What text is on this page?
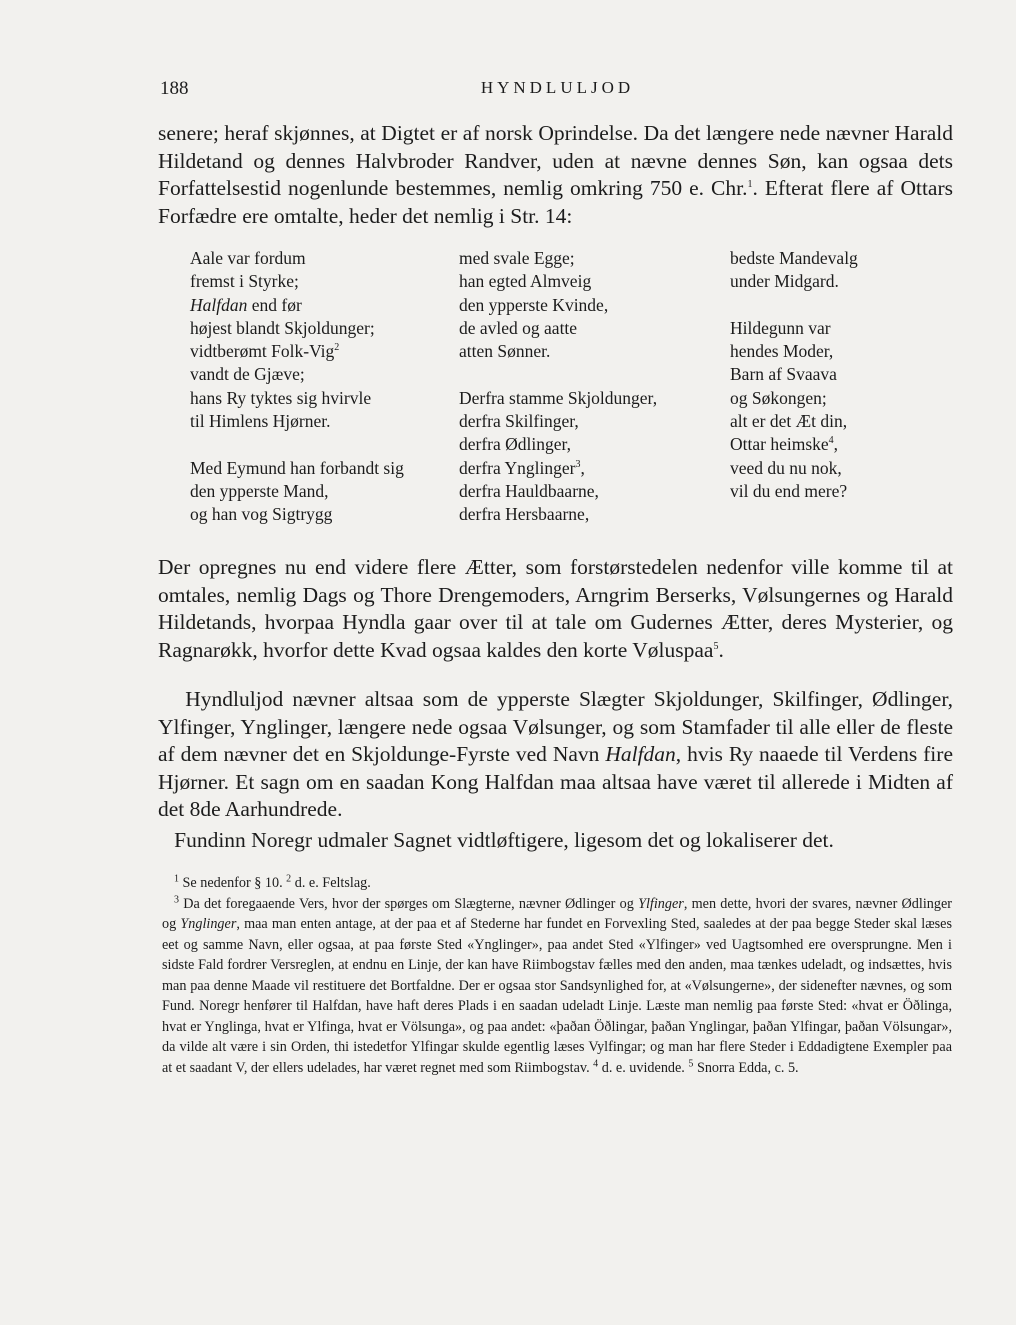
188	HYNDLULJOD

senere; heraf skjønnes, at Digtet er af norsk Oprindelse. Da det længere nede nævner Harald Hildetand og dennes Halvbroder Randver, uden at nævne dennes Søn, kan ogsaa dets Forfattelsestid nogenlunde bestemmes, nemlig omkring 750 e. Chr.$^1$. Efterat flere af Ottars Forfædre ere omtalte, heder det nemlig i Str. 14:

Aale var fordum
fremst i Styrke;
Halfdan end før
højest blandt Skjoldunger;
vidtberømt Folk-Vig$^2$
vandt de Gjæve;
hans Ry tyktes sig hvirvle
til Himlens Hjørner.
Med Eymund han forbandt sig
den ypperste Mand,
og han vog Sigtrygg
med svale Egge;
han egted Almveig
den ypperste Kvinde,
de avled og aatte
atten Sønner.
Derfra stamme Skjoldunger,
derfra Skilfinger,
derfra Ødlinger,
derfra Ynglinger$^3$,
derfra Hauldbaarne,
derfra Hersbaarne,
bedste Mandevalg
under Midgard.
Hildegunn var
hendes Moder,
Barn af Svaava
og Søkongen;
alt er det Æt din,
Ottar heimske$^4$,
veed du nu nok,
vil du end mere?

Der opregnes nu end videre flere Ætter, som forstørstedelen nedenfor ville komme til at omtales, nemlig Dags og Thore Drengemoders, Arngrim Berserks, Vølsungernes og Harald Hildetands, hvorpaa Hyndla gaar over til at tale om Gudernes Ætter, deres Mysterier, og Ragnarøkk, hvorfor dette Kvad ogsaa kaldes den korte Vøluspaa$^5$.

Hyndluljod nævner altsaa som de ypperste Slægter Skjoldunger, Skilfinger, Ødlinger, Ylfinger, Ynglinger, længere nede ogsaa Vølsunger, og som Stamfader til alle eller de fleste af dem nævner det en Skjoldunge-Fyrste ved Navn Halfdan, hvis Ry naaede til Verdens fire Hjørner. Et sagn om en saadan Kong Halfdan maa altsaa have været til allerede i Midten af det 8de Aarhundrede.

Fundinn Noregr udmaler Sagnet vidtløftigere, ligesom det og lokaliserer det.

$^1$ Se nedenfor § 10. $^2$ d. e. Feltslag.
$^3$ Da det foregaaende Vers, hvor der spørges om Slægterne, nævner Ødlinger og Ylfinger, men dette, hvori der svares, nævner Ødlinger og Ynglinger, maa man enten antage, at der paa et af Stederne har fundet en Forvexling Sted, saaledes at der paa begge Steder skal læses eet og samme Navn, eller ogsaa, at paa første Sted «Ynglinger», paa andet Sted «Ylfinger» ved Uagtsomhed ere oversprungne. Men i sidste Fald fordrer Versreglen, at endnu en Linje, der kan have Riimbogstav fælles med den anden, maa tænkes udeladt, og indsættes, hvis man paa denne Maade vil restituere det Bortfaldne. Der er ogsaa stor Sandsynlighed for, at «Vølsungerne», der sidenefter nævnes, og som Fund. Noregr henfører til Halfdan, have haft deres Plads i en saadan udeladt Linje. Læste man nemlig paa første Sted: «hvat er Öðlinga, hvat er Ynglinga, hvat er Ylfinga, hvat er Völsunga», og paa andet: «þaðan Öðlingar, þaðan Ynglingar, þaðan Ylfingar, þaðan Völsungar», da vilde alt være i sin Orden, thi istedetfor Ylfingar skulde egentlig læses Vylfingar; og man har flere Steder i Eddadigtene Exempler paa at et saadant V, der ellers udelades, har været regnet med som Riimbogstav. $^4$ d. e. uvidende. $^5$ Snorra Edda, c. 5.
